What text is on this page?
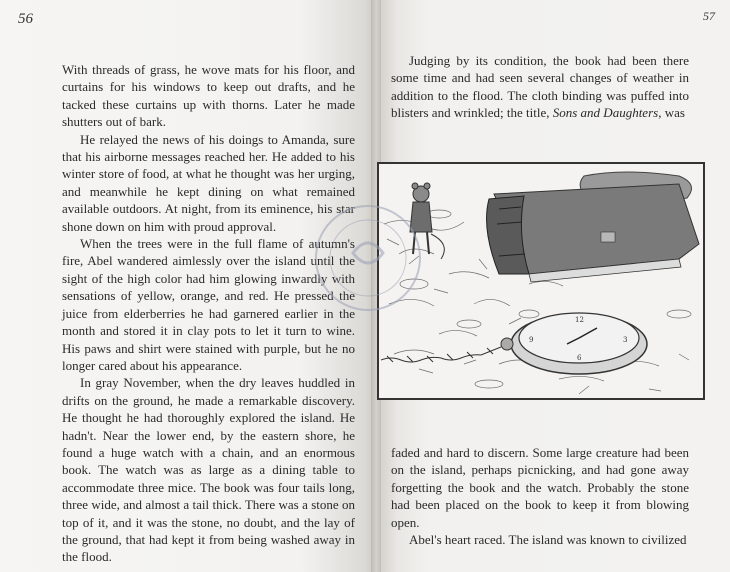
56	57

With threads of grass, he wove mats for his floor, and curtains for his windows to keep out drafts, and he tacked these curtains up with thorns. Later he made shutters out of bark.

He relayed the news of his doings to Amanda, sure that his airborne messages reached her. He added to his winter store of food, at what he thought was her urging, and meanwhile he kept dining on what remained available outdoors. At night, from its eminence, his star shone down on him with proud approval.

When the trees were in the full flame of autumn's fire, Abel wandered aimlessly over the island until the sight of the high color had him glowing inwardly with sensations of yellow, orange, and red. He pressed the juice from elderberries he had garnered earlier in the month and stored it in clay pots to let it turn to wine. His paws and shirt were stained with purple, but he no longer cared about his appearance.

In gray November, when the dry leaves huddled in drifts on the ground, he made a remarkable discovery. He thought he had thoroughly explored the island. He hadn't. Near the lower end, by the eastern shore, he found a huge watch with a chain, and an enormous book. The watch was as large as a dining table to accommodate three mice. The book was four tails long, three wide, and almost a tail thick. There was a stone on top of it, and it was the stone, no doubt, and the lay of the ground, that had kept it from being washed away in the flood.

Judging by its condition, the book had been there some time and had seen several changes of weather in addition to the flood. The cloth binding was puffed into blisters and wrinkled; the title, Sons and Daughters, was

12
3
6
9

faded and hard to discern. Some large creature had been on the island, perhaps picnicking, and had gone away forgetting the book and the watch. Probably the stone had been placed on the book to keep it from blowing open.

Abel's heart raced. The island was known to civilized
